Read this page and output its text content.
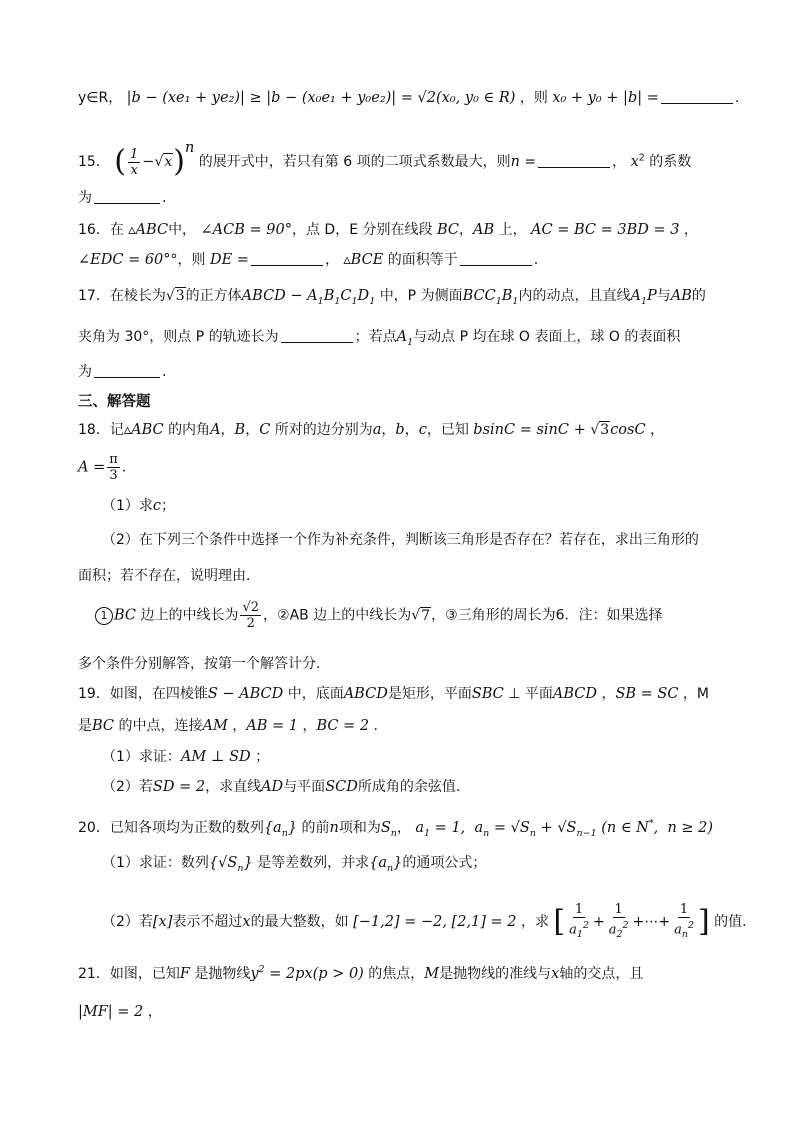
y∈R， |b − (xe₁ + ye₂)| ≥ |b − (x₀e₁ + y₀e₂)| = √2(x₀, y₀ ∈ R) ，则 x₀ + y₀ + |b| =	.
15． ( $\frac{1}{x} -√x)^n$ 的展开式中，若只有第 6 项的二项式系数最大，则n =	， $x^2$ 的系数
为	.
16．在 ▵ABC中， ∠ACB = 90°，点 D，E 分别在线段 BC，AB 上， AC = BC = 3BD = 3 ，
∠EDC = 60°°，则 DE =	， ▵BCE 的面积等于	.
17．在棱长为√3的正方体ABCD − $A_1B_1C_1D_1$ 中，P 为侧面$BCC_1B_1$内的动点，且直线$A_1P$与AB的
夹角为 30°，则点 P 的轨迹长为	；若点$A_1$与动点 P 均在球 O 表面上，球 O 的表面积
为	.
三、解答题
18．记▵ABC 的内角A，B，C 所对的边分别为a，b，c，已知 bsinC = sinC + √3cosC ，
$A = \frac{\pi}{3}$ ．
（1）求c；
（2）在下列三个条件中选择一个作为补充条件，判断该三角形是否存在？若存在，求出三角形的
面积；若不存在，说明理由．
1 BC 边上的中线长为 $\frac{√2}{2}$ ，②AB 边上的中线长为√7，③三角形的周长为6．注：如果选择
多个条件分别解答，按第一个解答计分．
19．如图，在四棱锥S − ABCD 中，底面ABCD是矩形，平面SBC ⊥ 平面ABCD ，SB = SC ，M
是BC 的中点，连接AM ，AB = 1 ，BC = 2 ．
（1）求证：AM ⊥ SD ；
（2）若SD = 2，求直线AD与平面SCD所成角的余弦值．
20．已知各项均为正数的数列$\{a_n\}$ 的前n项和为$S_n$， $a_1 = 1$,  $a_n = √S_n + √S_{n-1}$ (n ∈ N*,  n ≥ 2)
（1）求证：数列$\{√S_n\}$ 是等差数列，并求$\{a_n\}$的通项公式；
（2）若[x]表示不超过x的最大整数，如 [−1,2] = −2, [2,1] = 2 ，求 [ $\frac{1}{a_1^2} + \frac{1}{a_2^2}$ +⋯+ $\frac{1}{a_n^2}$ ] 的值.
21．如图，已知F 是抛物线$y^2 = 2px(p > 0)$ 的焦点，M是抛物线的准线与x轴的交点，且
|MF| = 2 ，
